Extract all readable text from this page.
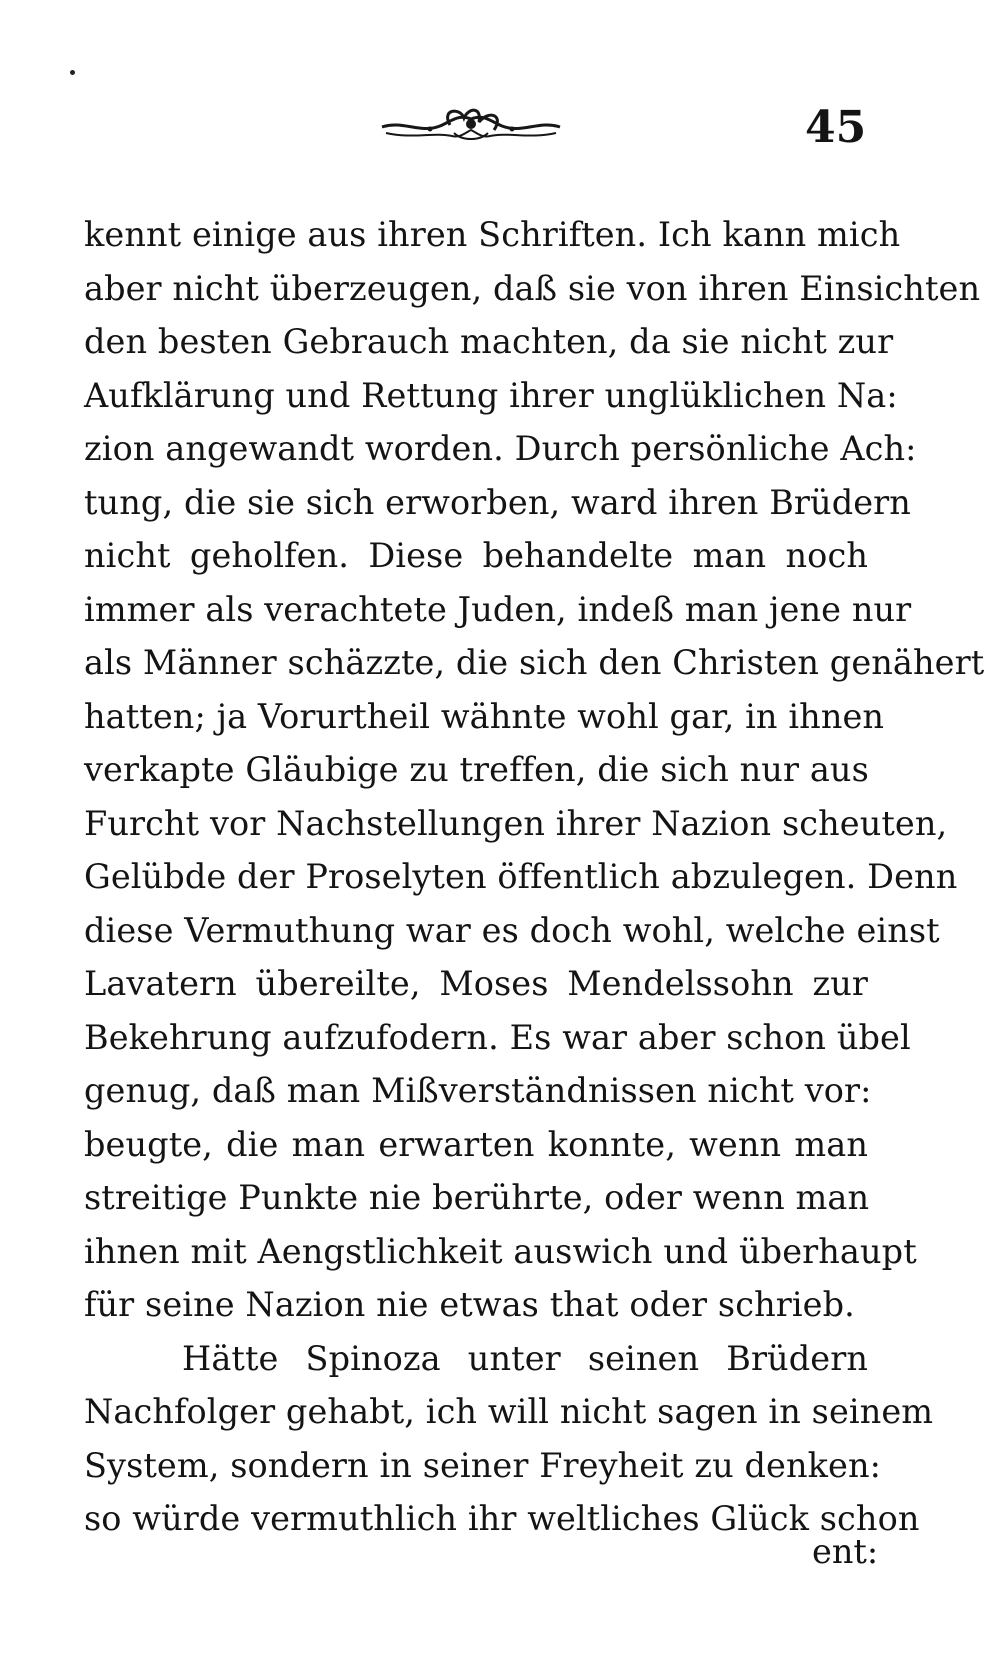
45
kennt einige aus ihren Schriften. Ich kann mich
aber nicht überzeugen, daß sie von ihren Einsichten
den besten Gebrauch machten, da sie nicht zur
Aufklärung und Rettung ihrer unglüklichen Na:
zion angewandt worden. Durch persönliche Ach:
tung, die sie sich erworben, ward ihren Brüdern
nicht geholfen. Diese behandelte man noch
immer als verachtete Juden, indeß man jene nur
als Männer schäzzte, die sich den Christen genähert
hatten; ja Vorurtheil wähnte wohl gar, in ihnen
verkapte Gläubige zu treffen, die sich nur aus
Furcht vor Nachstellungen ihrer Nazion scheuten,
Gelübde der Proselyten öffentlich abzulegen. Denn
diese Vermuthung war es doch wohl, welche einst
Lavatern übereilte, Moses Mendelssohn zur
Bekehrung aufzufodern. Es war aber schon übel
genug, daß man Mißverständnissen nicht vor:
beugte, die man erwarten konnte, wenn man
streitige Punkte nie berührte, oder wenn man
ihnen mit Aengstlichkeit auswich und überhaupt
für seine Nazion nie etwas that oder schrieb.
Hätte Spinoza unter seinen Brüdern
Nachfolger gehabt, ich will nicht sagen in seinem
System, sondern in seiner Freyheit zu denken:
so würde vermuthlich ihr weltliches Glück schon
ent:
